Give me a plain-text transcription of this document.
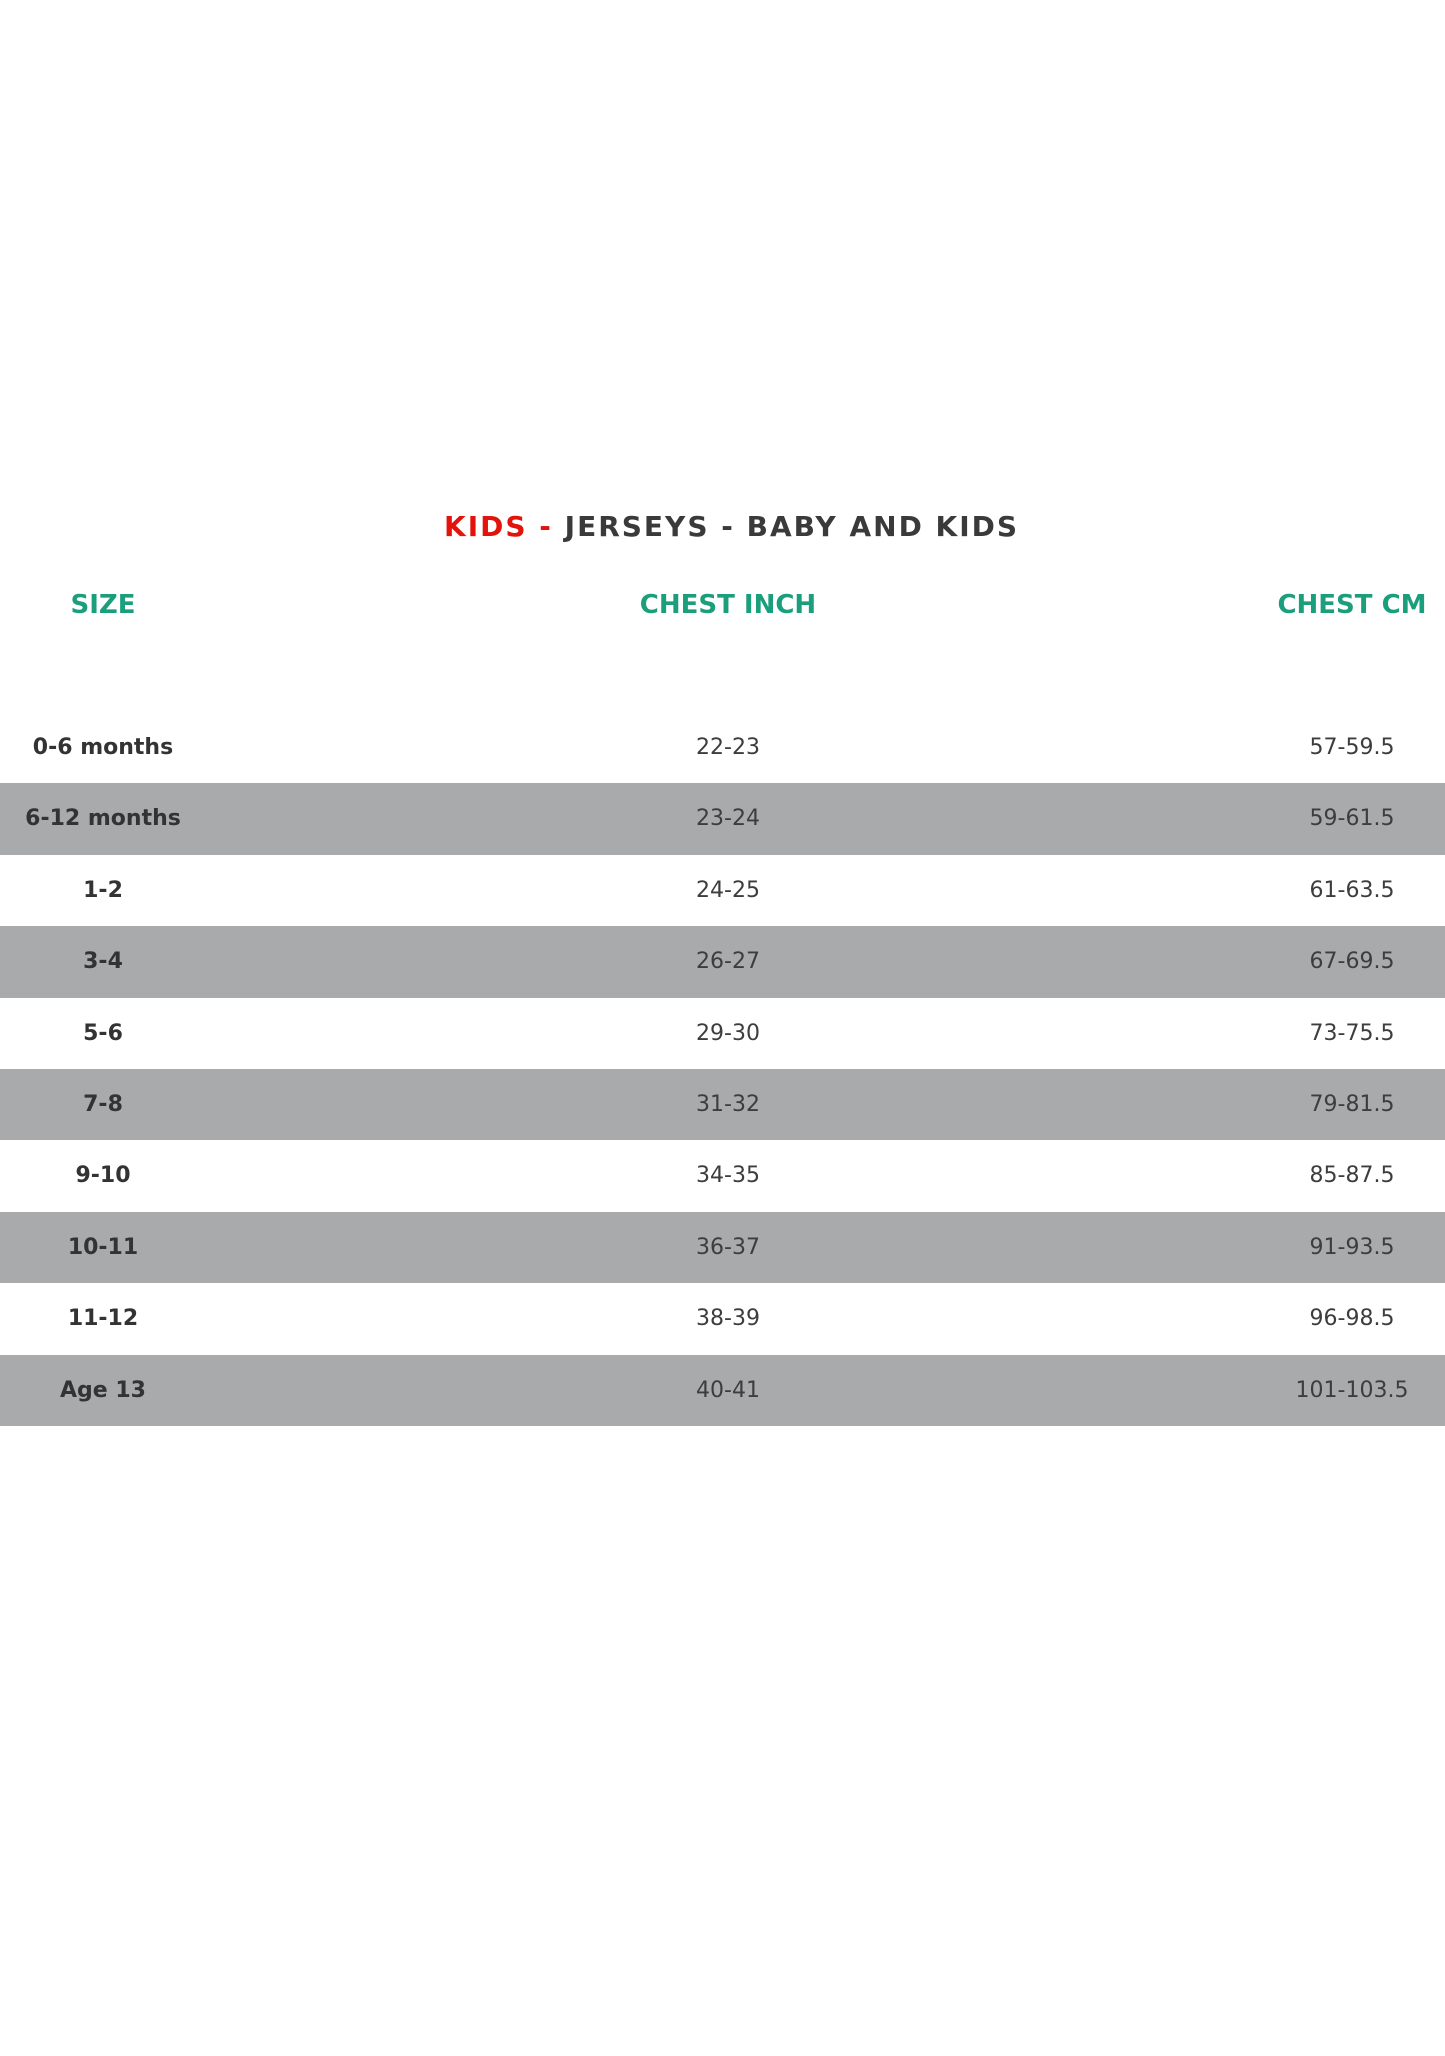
KIDS - JERSEYS - BABY AND KIDS
SIZE	CHEST INCH	CHEST CM
0-6 months	22-23	57-59.5
6-12 months	23-24	59-61.5
1-2	24-25	61-63.5
3-4	26-27	67-69.5
5-6	29-30	73-75.5
7-8	31-32	79-81.5
9-10	34-35	85-87.5
10-11	36-37	91-93.5
11-12	38-39	96-98.5
Age 13	40-41	101-103.5
